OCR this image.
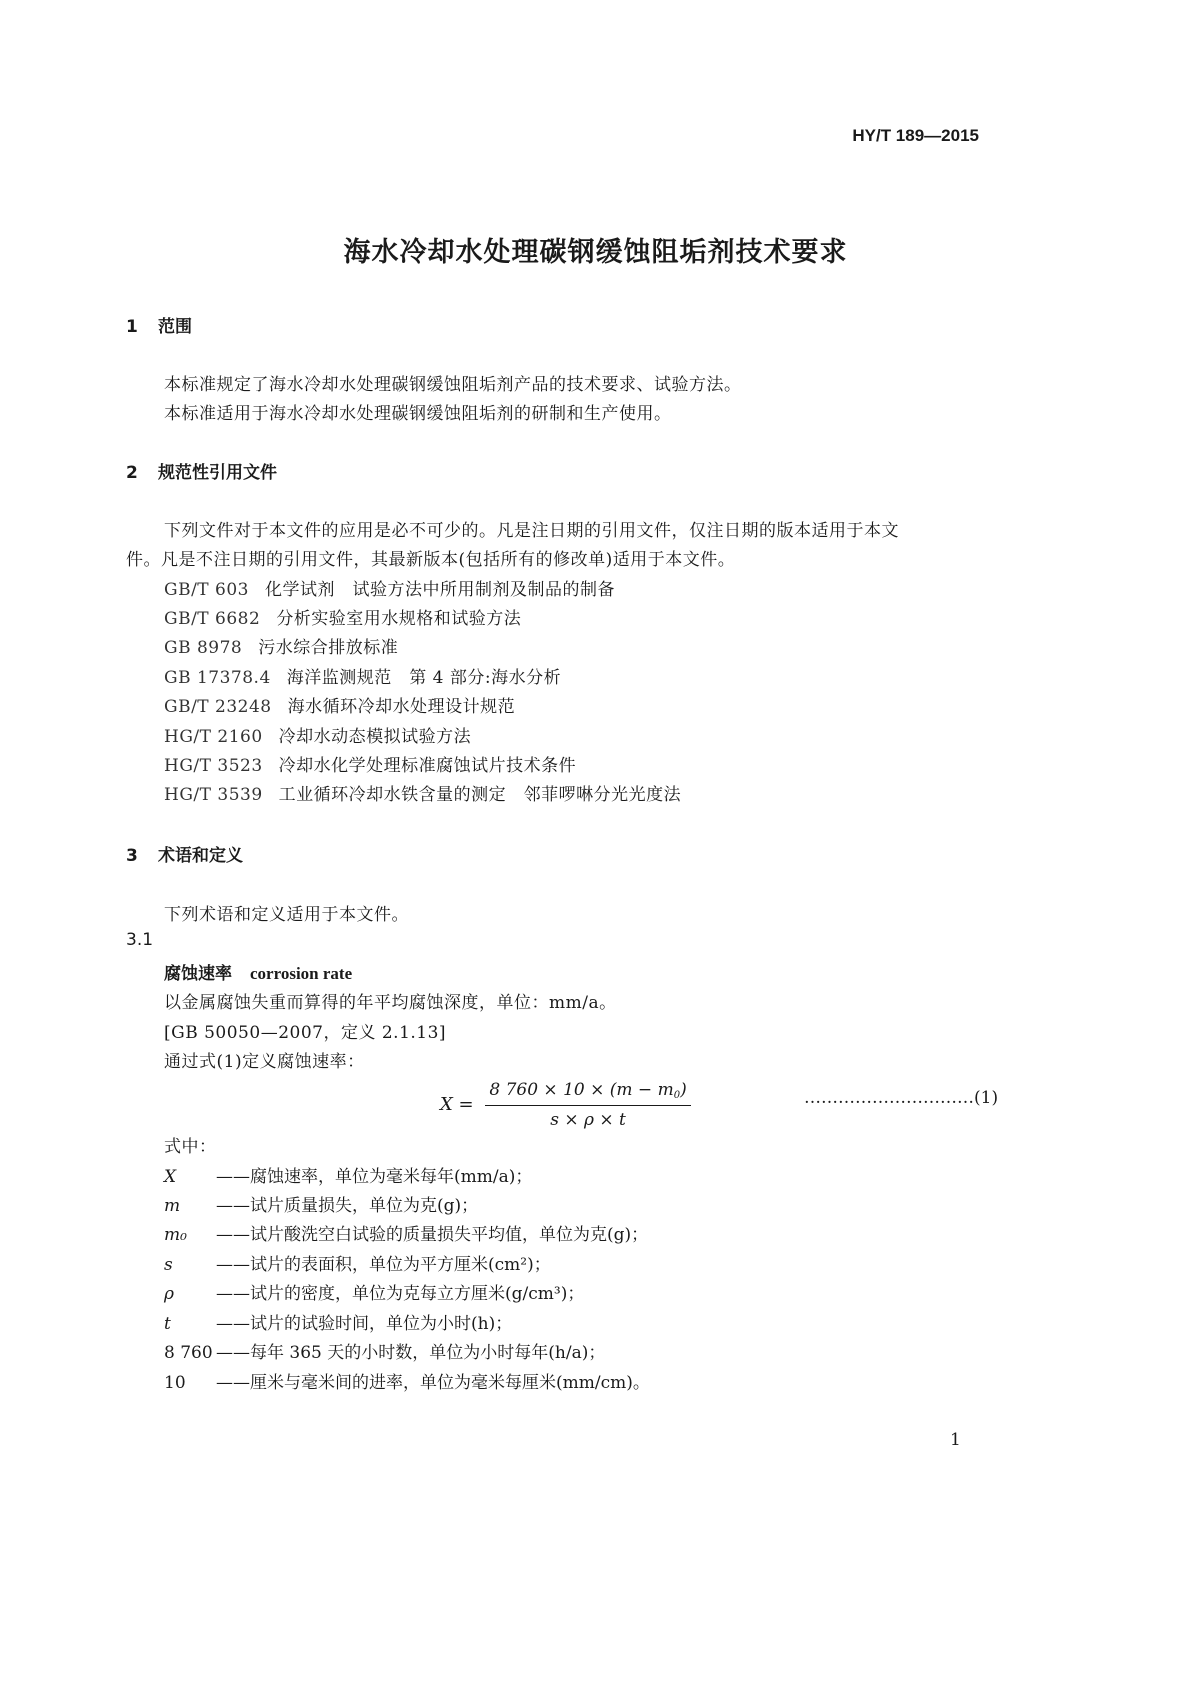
HY/T 189—2015
海水冷却水处理碳钢缓蚀阻垢剂技术要求
1 范围
本标准规定了海水冷却水处理碳钢缓蚀阻垢剂产品的技术要求、试验方法。
本标准适用于海水冷却水处理碳钢缓蚀阻垢剂的研制和生产使用。
2 规范性引用文件
下列文件对于本文件的应用是必不可少的。凡是注日期的引用文件，仅注日期的版本适用于本文
件。凡是不注日期的引用文件，其最新版本(包括所有的修改单)适用于本文件。
GB/T 603 化学试剂　试验方法中所用制剂及制品的制备
GB/T 6682 分析实验室用水规格和试验方法
GB 8978 污水综合排放标准
GB 17378.4 海洋监测规范　第 4 部分:海水分析
GB/T 23248 海水循环冷却水处理设计规范
HG/T 2160 冷却水动态模拟试验方法
HG/T 3523 冷却水化学处理标准腐蚀试片技术条件
HG/T 3539 工业循环冷却水铁含量的测定　邻菲啰啉分光光度法
3 术语和定义
下列术语和定义适用于本文件。
3.1
腐蚀速率 corrosion rate
以金属腐蚀失重而算得的年平均腐蚀深度，单位：mm/a。
[GB 50050—2007，定义 2.1.13]
通过式(1)定义腐蚀速率：
$X = \frac{8 760 \times 10 \times (m - m_0)}{s \times \rho \times t}$	…………………………(1)
式中：
X ——腐蚀速率，单位为毫米每年(mm/a)；
m ——试片质量损失，单位为克(g)；
m₀ ——试片酸洗空白试验的质量损失平均值，单位为克(g)；
s	——试片的表面积，单位为平方厘米(cm²)；
ρ ——试片的密度，单位为克每立方厘米(g/cm³)；
t	——试片的试验时间，单位为小时(h)；
8 760 ——每年 365 天的小时数，单位为小时每年(h/a)；
10 ——厘米与毫米间的进率，单位为毫米每厘米(mm/cm)。
1
